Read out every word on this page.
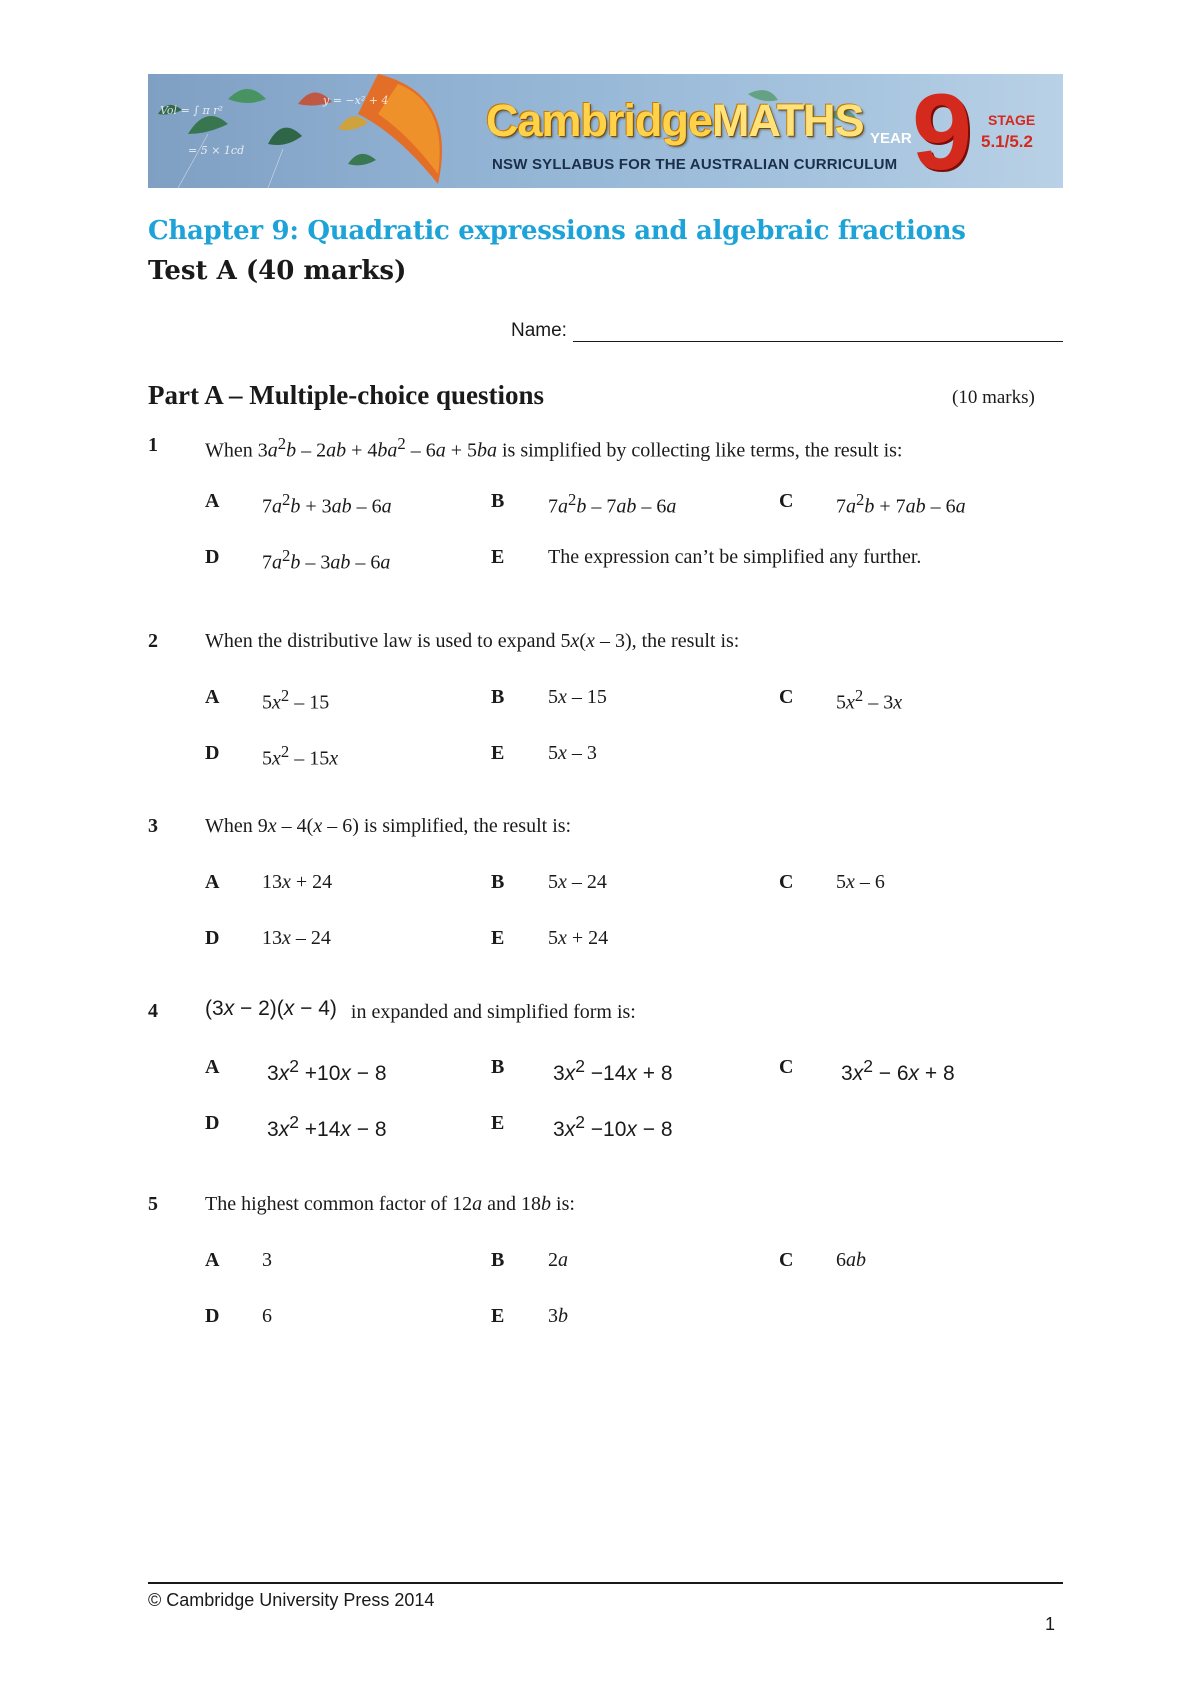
Vol = ∫ π r²
= 5 × 1cd
y = −x² + 4 CambridgeMATHS
NSW SYLLABUS FOR THE AUSTRALIAN CURRICULUM
YEAR 9 STAGE
5.1/5.2
Chapter 9: Quadratic expressions and algebraic fractions
Test A (40 marks)
Name:
Part A – Multiple-choice questions	(10 marks)
1 When $3a^2b - 2ab + 4ba^2 - 6a + 5ba$ is simplified by collecting like terms, the result is:
A $7a^2b + 3ab - 6a$	B $7a^2b - 7ab - 6a$	C $7a^2b + 7ab - 6a$
D $7a^2b - 3ab - 6a$	E The expression can’t be simplified any further.
2 When the distributive law is used to expand 5x(x – 3), the result is:
A $5x^2 - 15$	B 5x – 15	C $5x^2 - 3x$
D $5x^2 - 15x$	E 5x – 3
3 When 9x – 4(x – 6) is simplified, the result is:
A 13x + 24	B 5x – 24	C 5x – 6
D 13x – 24	E 5x + 24
4 (3x − 2)(x − 4) in expanded and simplified form is:
A $3x^2 +10x - 8$	B $3x^2 -14x + 8$	C $3x^2 - 6x + 8$
D $3x^2 +14x - 8$	E $3x^2 -10x - 8$
5 The highest common factor of 12a and 18b is:
A 3	B 2a	C 6ab
D 6	E 3b
© Cambridge University Press 2014
1
